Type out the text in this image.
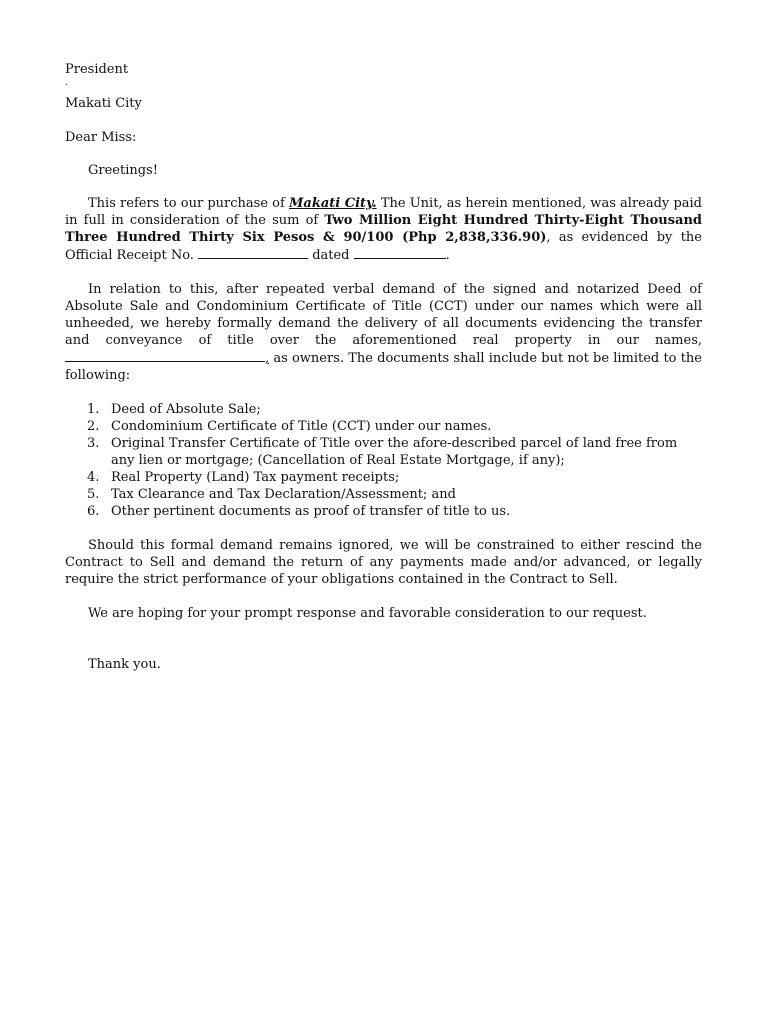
President
.
Makati City
Dear Miss:
Greetings!

This refers to our purchase of Makati City. The Unit, as herein mentioned, was already paid in full in consideration of the sum of Two Million Eight Hundred Thirty-Eight Thousand Three Hundred Thirty Six Pesos & 90/100 (Php 2,838,336.90), as evidenced by the Official Receipt No.	dated	.

In relation to this, after repeated verbal demand of the signed and notarized Deed of Absolute Sale and Condominium Certificate of Title (CCT) under our names which were all unheeded, we hereby formally demand the delivery of all documents evidencing the transfer and conveyance of title over the aforementioned real property in our names, , as owners. The documents shall include but not be limited to the following:

1. Deed of Absolute Sale;
2. Condominium Certificate of Title (CCT) under our names.
3. Original Transfer Certificate of Title over the afore-described parcel of land free from any lien or mortgage; (Cancellation of Real Estate Mortgage, if any);
4. Real Property (Land) Tax payment receipts;
5. Tax Clearance and Tax Declaration/Assessment; and
6. Other pertinent documents as proof of transfer of title to us.

Should this formal demand remains ignored, we will be constrained to either rescind the Contract to Sell and demand the return of any payments made and/or advanced, or legally require the strict performance of your obligations contained in the Contract to Sell.

We are hoping for your prompt response and favorable consideration to our request.

Thank you.
